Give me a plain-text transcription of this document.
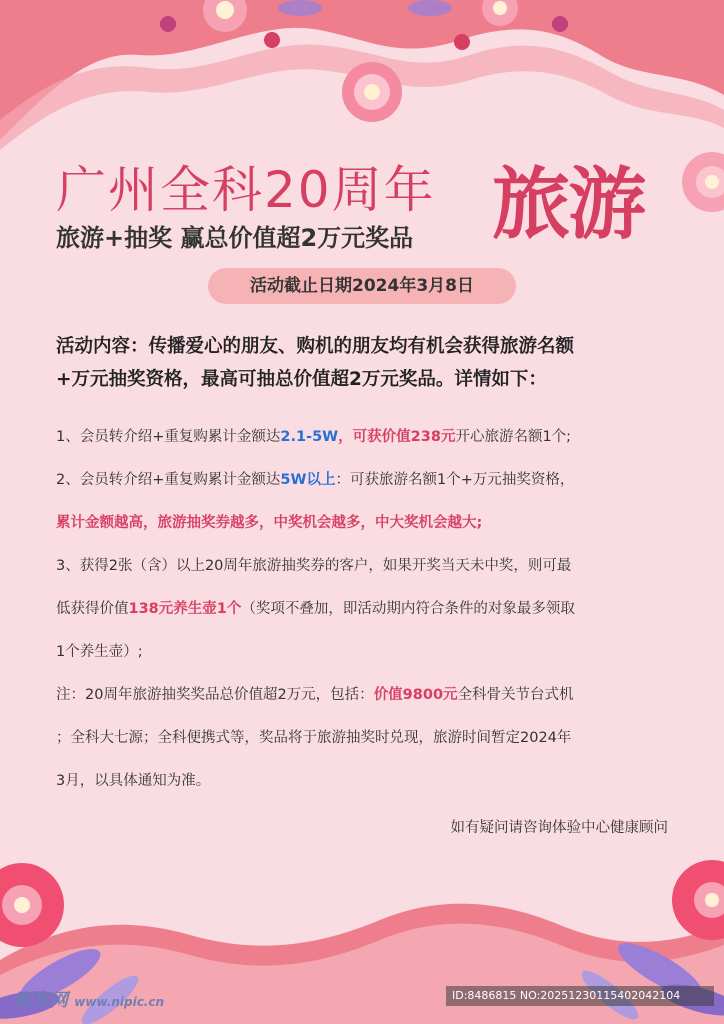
广州全科20周年 旅游
旅游+抽奖 赢总价值超2万元奖品
活动截止日期2024年3月8日
活动内容：传播爱心的朋友、购机的朋友均有机会获得旅游名额
+万元抽奖资格，最高可抽总价值超2万元奖品。详情如下：
1、会员转介绍+重复购累计金额达2.1-5W，可获价值238元开心旅游名额1个;
2、会员转介绍+重复购累计金额达5W以上：可获旅游名额1个+万元抽奖资格，
累计金额越高，旅游抽奖券越多，中奖机会越多，中大奖机会越大;
3、获得2张（含）以上20周年旅游抽奖券的客户，如果开奖当天未中奖，则可最
低获得价值138元养生壶1个（奖项不叠加，即活动期内符合条件的对象最多领取
1个养生壶）;
注：20周年旅游抽奖奖品总价值超2万元，包括：价值9800元全科骨关节台式机
；全科大七源；全科便携式等，奖品将于旅游抽奖时兑现，旅游时间暂定2024年
3月，以具体通知为准。
如有疑问请咨询体验中心健康顾问
昵享网 www.nipic.cn	ID:8486815 NO:20251230115402042104
